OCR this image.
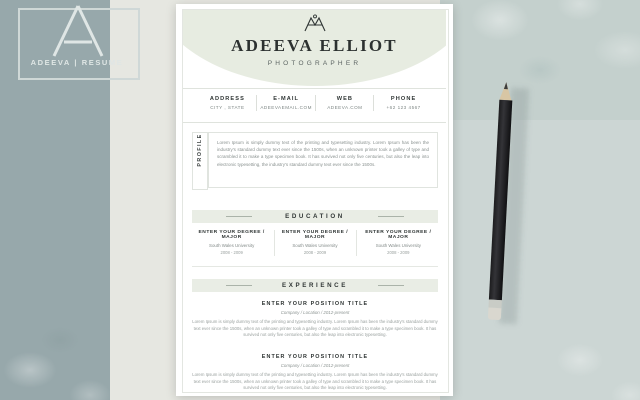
ADEEVA | RESUME
ADEEVA ELLIOT
PHOTOGRAPHER
ADDRESS
CITY , STATE
E-MAIL
ADEEVAEMAIL.COM
WEB
ADEEVA.COM
PHONE
+62 123 4567
PROFILE	Lorem Ipsum is simply dummy text of the printing and typesetting industry. Lorem Ipsum has been the industry's standard dummy text ever since the 1500s, when an unknown printer took a galley of type and scrambled it to make a type specimen book. It has survived not only five centuries, but also the leap into electronic typesetting, the industry's standard dummy text ever since the 1500s.

EDUCATION
ENTER YOUR DEGREE / MAJOR
South Wales University
2008 - 2009
ENTER YOUR DEGREE / MAJOR
South Wales University
2008 - 2009
ENTER YOUR DEGREE / MAJOR
South Wales University
2008 - 2009
EXPERIENCE
ENTER YOUR POSITION TITLE
Company / Location / 2012-present
Lorem Ipsum is simply dummy text of the printing and typesetting industry. Lorem Ipsum has been the industry's standard dummy text ever since the 1500s, when an unknown printer took a galley of type and scrambled it to make a type specimen book. It has survived not only five centuries, but also the leap into electronic typesetting.
ENTER YOUR POSITION TITLE
Company / Location / 2012-present
Lorem Ipsum is simply dummy text of the printing and typesetting industry. Lorem Ipsum has been the industry's standard dummy text ever since the 1500s, when an unknown printer took a galley of type and scrambled it to make a type specimen book. It has survived not only five centuries, but also the leap into electronic typesetting.
